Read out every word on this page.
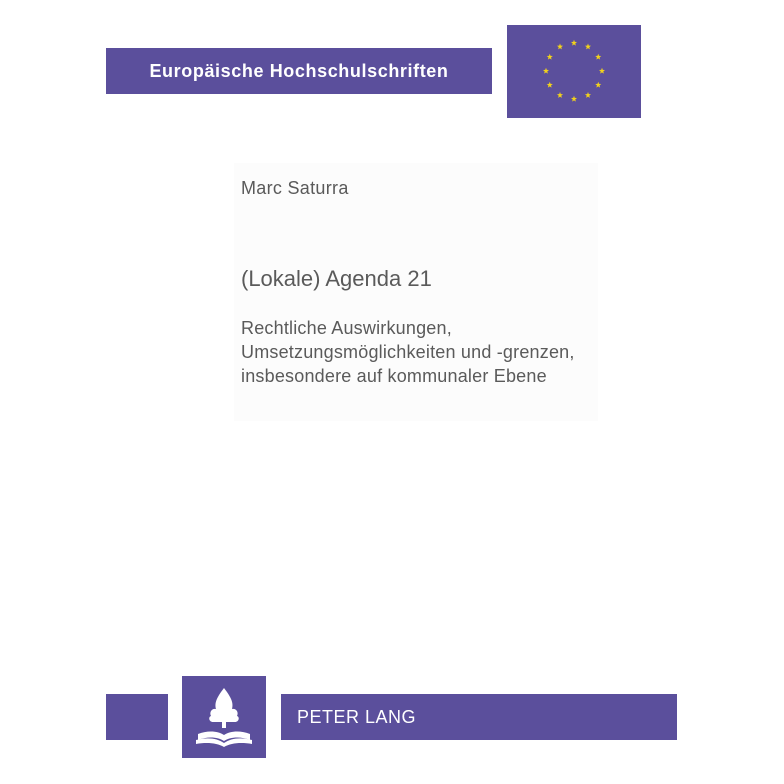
Europäische Hochschulschriften
Marc Saturra
(Lokale) Agenda 21
Rechtliche Auswirkungen,
Umsetzungsmöglichkeiten und -grenzen,
insbesondere auf kommunaler Ebene
PETER LANG
